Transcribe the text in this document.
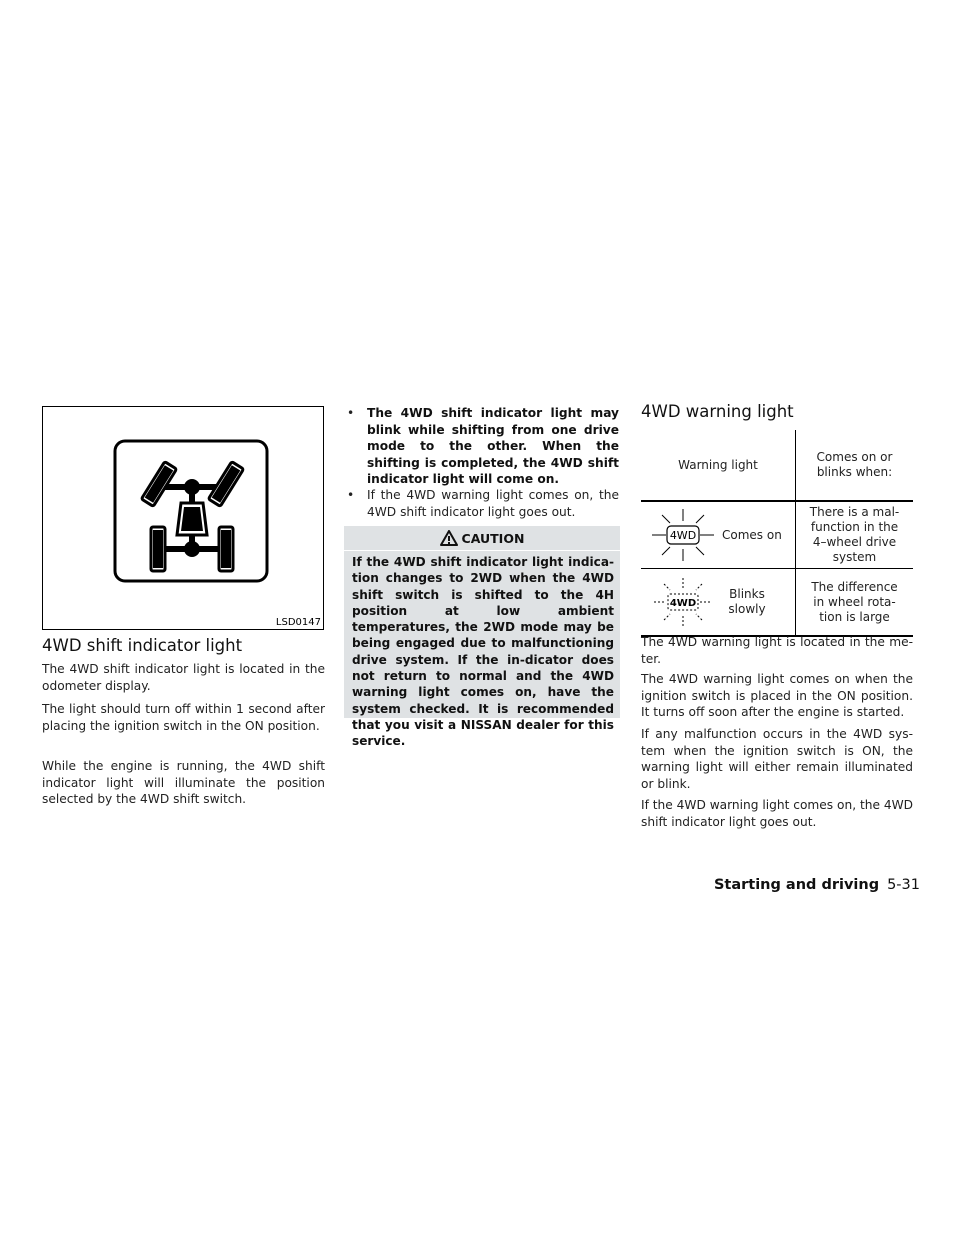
LSD0147
4WD shift indicator light

The 4WD shift indicator light is located in the odometer display.

The light should turn off within 1 second after placing the ignition switch in the ON position.

While the engine is running, the 4WD shift indicator light will illuminate the position selected by the 4WD shift switch.

• The 4WD shift indicator light may blink while shifting from one drive mode to the other. When the shifting is completed, the 4WD shift indicator light will come on.
• If the 4WD warning light comes on, the 4WD shift indicator light goes out.
CAUTION

If the 4WD shift indicator light indica-tion changes to 2WD when the 4WD shift switch is shifted to the 4H position at low ambient temperatures, the 2WD mode may be being engaged due to malfunctioning drive system. If the in-dicator does not return to normal and the 4WD warning light comes on, have the system checked. It is recommended that you visit a NISSAN dealer for this service.

4WD warning light
Warning light	Comes on or blinks when:

4WD Comes on	There is a mal-function in the 4–wheel drive system

4WD
Blinks slowly	The difference in wheel rota-tion is large

The 4WD warning light is located in the me-ter.

The 4WD warning light comes on when the ignition switch is placed in the ON position. It turns off soon after the engine is started.

If any malfunction occurs in the 4WD sys-tem when the ignition switch is ON, the warning light will either remain illuminated or blink.

If the 4WD warning light comes on, the 4WD shift indicator light goes out.

Starting and driving 5-31
